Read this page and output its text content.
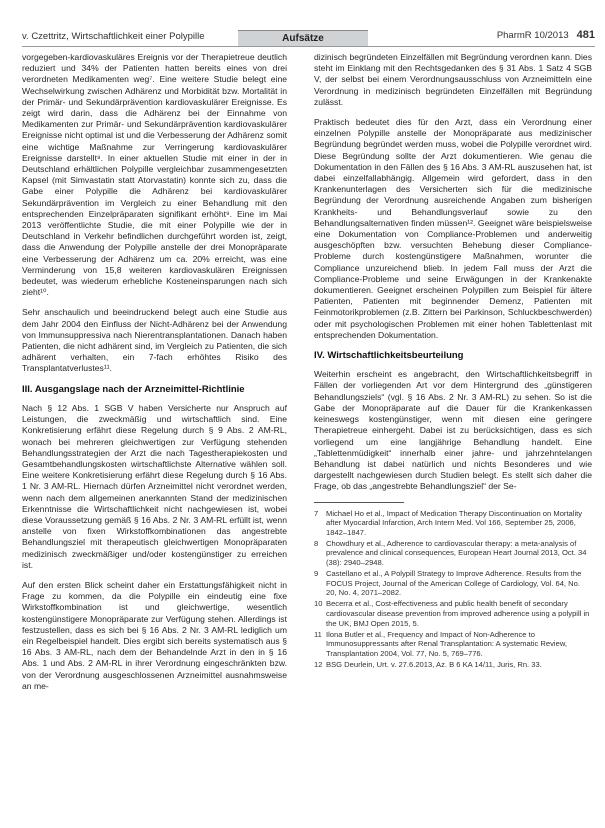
v. Czettritz, Wirtschaftlichkeit einer Polypille	Aufsätze	PharmR 10/2013 481

vorgegeben-kardiovaskuläres Ereignis vor der Therapietreue deutlich reduziert und 34% der Patienten hatten bereits eines von drei verordneten Medikamenten weg⁷. Eine weitere Studie belegt eine Wechselwirkung zwischen Adhärenz und Morbidität bzw. Mortalität in der Primär- und Sekundärprävention kardiovaskulärer Ereignisse. Es zeigt wird darin, dass die Adhärenz bei der Einnahme von Medikamenten zur Primär- und Sekundärprävention kardiovaskulärer Ereignisse nicht optimal ist und die Verbesserung der Adhärenz somit eine wichtige Maßnahme zur Verringerung kardiovaskulärer Ereignisse darstellt⁸. In einer aktuellen Studie mit einer in der in Deutschland erhältlichen Polypille vergleichbar zusammengesetzten Kapsel (mit Simvastatin statt Atorvastatin) konnte sich zu, dass die Gabe einer Polypille die Adhärenz bei kardiovaskulärer Sekundärprävention im Vergleich zu einer Behandlung mit den entsprechenden Einzelpräparaten signifikant erhöht⁹. Eine im Mai 2013 veröffentlichte Studie, die mit einer Polypille wie der in Deutschland in Verkehr befindlichen durchgeführt worden ist, zeigt, dass die Anwendung der Polypille anstelle der drei Monopräparate eine Verbesserung der Adhärenz um ca. 20% erreicht, was eine Verminderung von 15,8 weiteren kardiovaskulären Ereignissen bedeutet, was wiederum erhebliche Kosteneinsparungen nach sich zieht¹⁰.

Sehr anschaulich und beeindruckend belegt auch eine Studie aus dem Jahr 2004 den Einfluss der Nicht-Adhärenz bei der Anwendung von Immunsuppressiva nach Nierentransplantationen. Danach haben Patienten, die nicht adhärent sind, im Vergleich zu Patienten, die sich adhärent verhalten, ein 7-fach erhöhtes Risiko des Transplantatverlustes¹¹.

III. Ausgangslage nach der Arzneimittel-Richtlinie

Nach § 12 Abs. 1 SGB V haben Versicherte nur Anspruch auf Leistungen, die zweckmäßig und wirtschaftlich sind. Eine Konkretisierung erfährt diese Regelung durch § 9 Abs. 2 AM-RL, wonach bei mehreren gleichwertigen zur Verfügung stehenden Behandlungsstrategien der Arzt die nach Tagestherapiekosten und Gesamtbehandlungskosten wirtschaftlichste Alternative wählen soll. Eine weitere Konkretisierung erfährt diese Regelung durch § 16 Abs. 1 Nr. 3 AM-RL. Hiernach dürfen Arzneimittel nicht verordnet werden, wenn nach dem allgemeinen anerkannten Stand der medizinischen Erkenntnisse die Wirtschaftlichkeit nicht nachgewiesen ist, wobei diese Voraussetzung gemäß § 16 Abs. 2 Nr. 3 AM-RL erfüllt ist, wenn anstelle von fixen Wirkstoffkombinationen das angestrebte Behandlungsziel mit therapeutisch gleichwertigen Monopräparaten medizinisch zweckmäßiger und/oder kostengünstiger zu erreichen ist.

Auf den ersten Blick scheint daher ein Erstattungsfähigkeit nicht in Frage zu kommen, da die Polypille ein eindeutig eine fixe Wirkstoffkombination ist und gleichwertige, wesentlich kostengünstigere Monopräparate zur Verfügung stehen. Allerdings ist festzustellen, dass es sich bei § 16 Abs. 2 Nr. 3 AM-RL lediglich um ein Regelbeispiel handelt. Dies ergibt sich bereits systematisch aus § 16 Abs. 3 AM-RL, nach dem der Behandelnde Arzt in den in § 16 Abs. 1 und Abs. 2 AM-RL in ihrer Verordnung eingeschränkten bzw. von der Verordnung ausgeschlossenen Arzneimittel ausnahmsweise an me-

dizinisch begründeten Einzelfällen mit Begründung verordnen kann. Dies steht im Einklang mit den Rechtsgedanken des § 31 Abs. 1 Satz 4 SGB V, der selbst bei einem Verordnungsausschluss von Arzneimitteln eine Verordnung in medizinisch begründeten Einzelfällen mit Begründung zulässt.

Praktisch bedeutet dies für den Arzt, dass ein Verordnung einer einzelnen Polypille anstelle der Monopräparate aus medizinischer Begründung begründet werden muss, wobei die Polypille verordnet wird. Diese Begründung sollte der Arzt dokumentieren. Wie genau die Dokumentation in den Fällen des § 16 Abs. 3 AM-RL auszusehen hat, ist dabei einzelfallabhängig. Allgemein wird gefordert, dass in den Krankenunterlagen des Versicherten sich für die medizinische Begründung der Verordnung ausreichende Angaben zum bisherigen Krankheits- und Behandlungsverlauf sowie zu den Behandlungsalternativen finden müssen¹². Geeignet wäre beispielsweise eine Dokumentation von Compliance-Problemen und anderweitig ausgeschöpften bzw. versuchten Behebung dieser Compliance-Probleme durch kostengünstigere Maßnahmen, worunter die Compliance unzureichend blieb. In jedem Fall muss der Arzt die Compliance-Probleme und seine Erwägungen in der Krankenakte dokumentieren. Geeignet erscheinen Polypillen zum Beispiel für ältere Patienten, Patienten mit beginnender Demenz, Patienten mit Feinmotorikproblemen (z.B. Zittern bei Parkinson, Schluckbeschwerden) oder mit psychologischen Problemen mit einer hohen Tablettenlast mit entsprechenden Dokumentation.

IV. Wirtschaftlichkeitsbeurteilung

Weiterhin erscheint es angebracht, den Wirtschaftlichkeitsbegriff in Fällen der vorliegenden Art vor dem Hintergrund des „günstigeren Behandlungsziels“ (vgl. § 16 Abs. 2 Nr. 3 AM-RL) zu sehen. So ist die Gabe der Monopräparate auf die Dauer für die Krankenkassen keineswegs kostengünstiger, wenn mit diesen eine geringere Therapietreue einhergeht. Dabei ist zu berücksichtigen, dass es sich vorliegend um eine langjährige Behandlung handelt. Eine „Tablettenmüdigkeit“ innerhalb einer jahre- und jahrzehntelangen Behandlung ist dabei natürlich und nichts Besonderes und wie dargestellt nachgewiesen durch Studien belegt. Es stellt sich daher die Frage, ob das „angestrebte Behandlungsziel“ der Se-

7	Michael Ho et al., Impact of Medication Therapy Discontinuation on Mortality after Myocardial Infarction, Arch Intern Med. Vol 166, September 25, 2006, 1842–1847.
8	Chowdhury et al., Adherence to cardiovascular therapy: a meta-analysis of prevalence and clinical consequences, European Heart Journal 2013, Oct. 34 (38): 2940–2948.
9	Castellano et al., A Polypill Strategy to Improve Adherence. Results from the FOCUS Project, Journal of the American College of Cardiology, Vol. 64, No. 20, No. 4, 2071–2082.
10 Becerra et al., Cost-effectiveness and public health benefit of secondary cardiovascular disease prevention from improved adherence using a polypill in the UK, BMJ Open 2015, 5.
11 Ilona Butler et al., Frequency and Impact of Non-Adherence to Immunosuppressants after Renal Transplantation: A systematic Review, Transplantation 2004, Vol. 77, No. 5, 769–776.
12 BSG Deurlein, Urt. v. 27.6.2013, Az. B 6 KA 14/11, Juris, Rn. 33.
